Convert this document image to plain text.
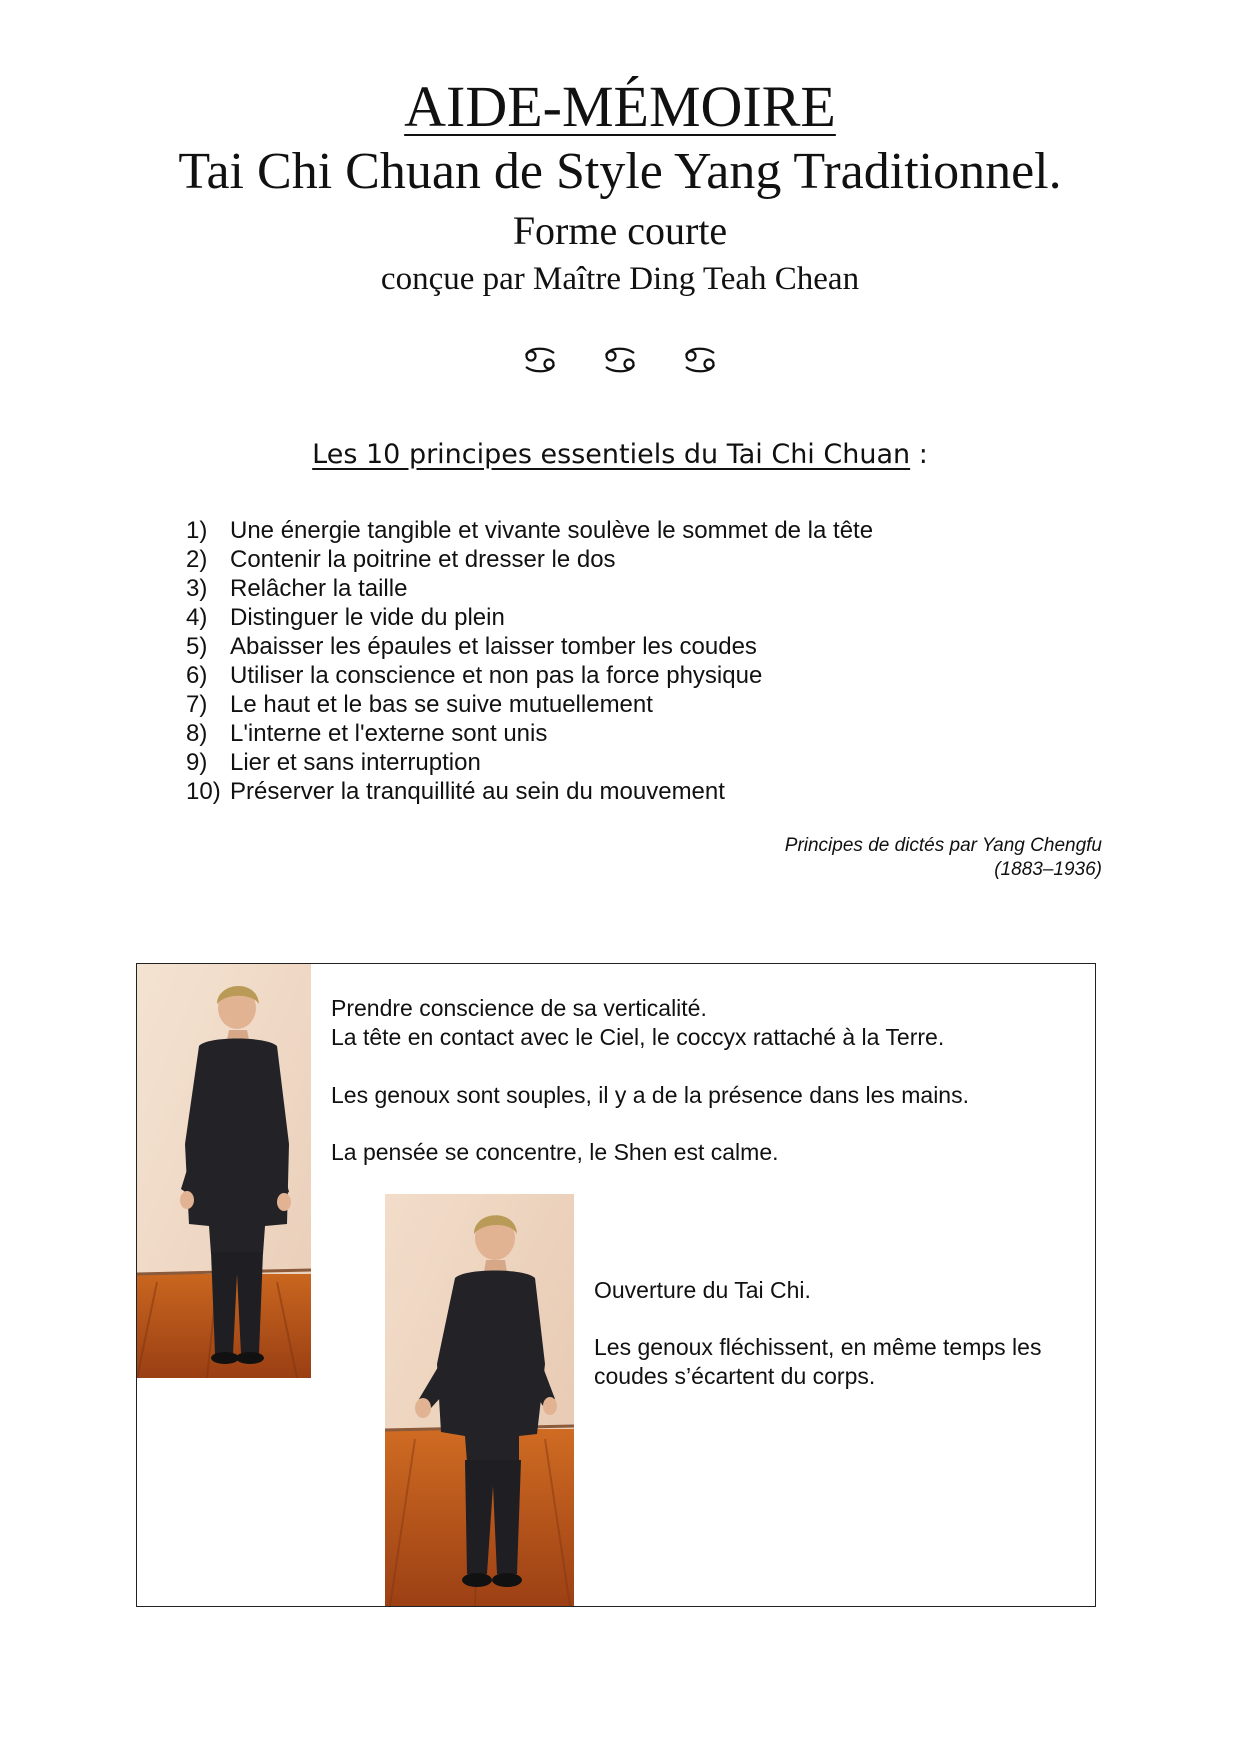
AIDE-MÉMOIRE
Tai Chi Chuan de Style Yang Traditionnel.
Forme courte
conçue par Maître Ding Teah Chean
Les 10 principes essentiels du Tai Chi Chuan :
1) Une énergie tangible et vivante soulève le sommet de la tête
2) Contenir la poitrine et dresser le dos
3) Relâcher la taille
4) Distinguer le vide du plein
5) Abaisser les épaules et laisser tomber les coudes
6) Utiliser la conscience et non pas la force physique
7) Le haut et le bas se suive mutuellement
8) L'interne et l'externe sont unis
9) Lier et sans interruption
10) Préserver la tranquillité au sein du mouvement
Principes de dictés par Yang Chengfu
(1883–1936)
Prendre conscience de sa verticalité.
La tête en contact avec le Ciel, le coccyx rattaché à la Terre.
Les genoux sont souples, il y a de la présence dans les mains.
La pensée se concentre, le Shen est calme.
Ouverture du Tai Chi.
Les genoux fléchissent, en même temps les coudes s’écartent du corps.
